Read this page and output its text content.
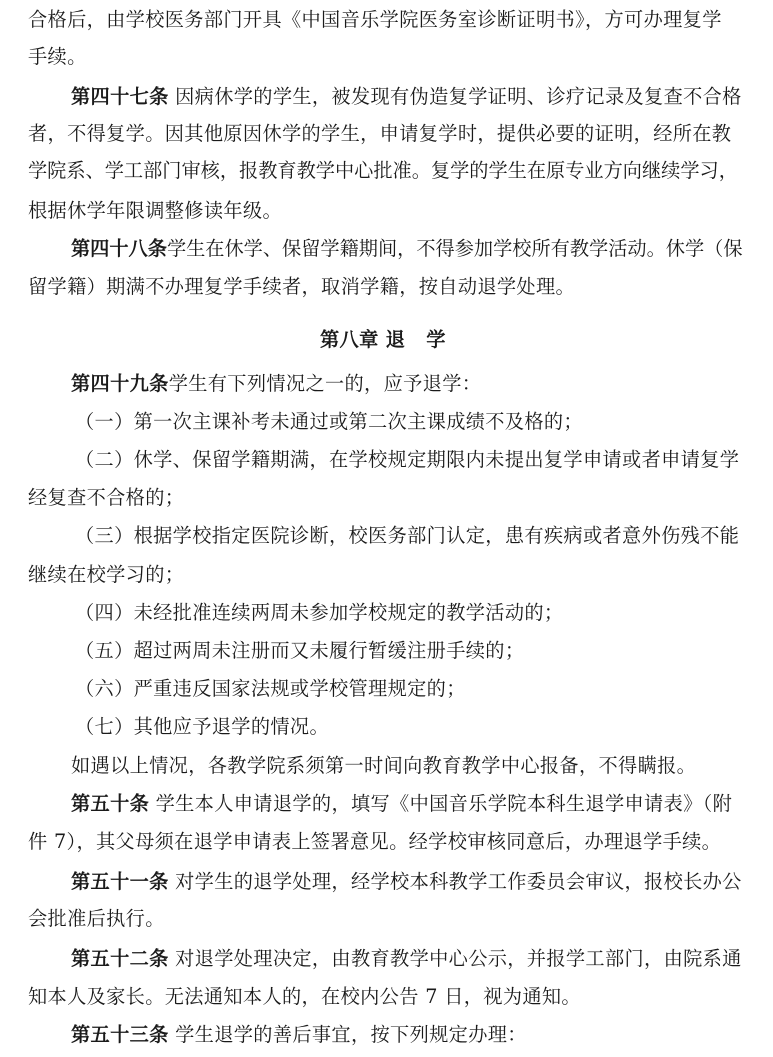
合格后，由学校医务部门开具《中国音乐学院医务室诊断证明书》，方可办理复学
手续。
第四十七条 因病休学的学生，被发现有伪造复学证明、诊疗记录及复查不合格
者，不得复学。因其他原因休学的学生，申请复学时，提供必要的证明，经所在教
学院系、学工部门审核，报教育教学中心批准。复学的学生在原专业方向继续学习，
根据休学年限调整修读年级。
第四十八条学生在休学、保留学籍期间，不得参加学校所有教学活动。休学（保
留学籍）期满不办理复学手续者，取消学籍，按自动退学处理。
第八章 退   学
第四十九条学生有下列情况之一的，应予退学：
（一）第一次主课补考未通过或第二次主课成绩不及格的；
（二）休学、保留学籍期满，在学校规定期限内未提出复学申请或者申请复学
经复查不合格的；
（三）根据学校指定医院诊断，校医务部门认定，患有疾病或者意外伤残不能
继续在校学习的；
（四）未经批准连续两周未参加学校规定的教学活动的；
（五）超过两周未注册而又未履行暂缓注册手续的；
（六）严重违反国家法规或学校管理规定的；
（七）其他应予退学的情况。
如遇以上情况，各教学院系须第一时间向教育教学中心报备，不得瞒报。
第五十条 学生本人申请退学的，填写《中国音乐学院本科生退学申请表》（附
件 7），其父母须在退学申请表上签署意见。经学校审核同意后，办理退学手续。
第五十一条 对学生的退学处理，经学校本科教学工作委员会审议，报校长办公
会批准后执行。
第五十二条 对退学处理决定，由教育教学中心公示，并报学工部门，由院系通
知本人及家长。无法通知本人的，在校内公告 7 日，视为通知。
第五十三条 学生退学的善后事宜，按下列规定办理：
